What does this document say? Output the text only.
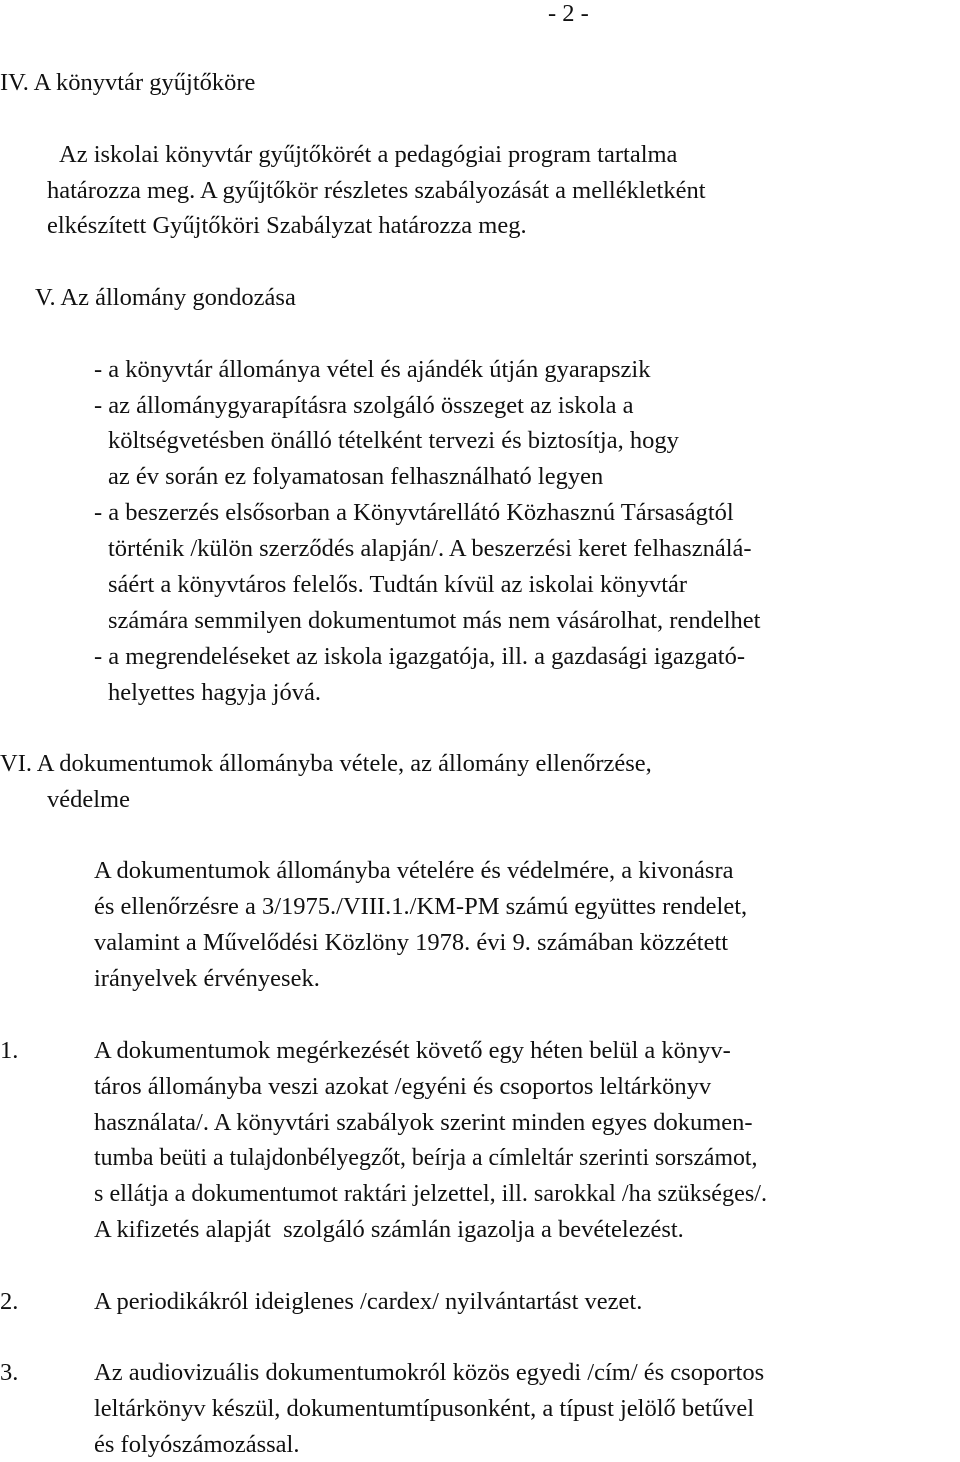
- 2 -
IV. A könyvtár gyűjtőköre
Az iskolai könyvtár gyűjtőkörét a pedagógiai program tartalma
határozza meg. A gyűjtőkör részletes szabályozását a mellékletként
elkészített Gyűjtőköri Szabályzat határozza meg.
V. Az állomány gondozása
- a könyvtár állománya vétel és ajándék útján gyarapszik
- az állománygyarapításra szolgáló összeget az iskola a
költségvetésben önálló tételként tervezi és biztosítja, hogy
az év során ez folyamatosan felhasználható legyen
- a beszerzés elsősorban a Könyvtárellátó Közhasznú Társaságtól
történik /külön szerződés alapján/. A beszerzési keret felhasználá-
sáért a könyvtáros felelős. Tudtán kívül az iskolai könyvtár
számára semmilyen dokumentumot más nem vásárolhat, rendelhet
- a megrendeléseket az iskola igazgatója, ill. a gazdasági igazgató-
helyettes hagyja jóvá.
VI. A dokumentumok állományba vétele, az állomány ellenőrzése,
védelme
A dokumentumok állományba vételére és védelmére, a kivonásra
és ellenőrzésre a 3/1975./VIII.1./KM-PM számú együttes rendelet,
valamint a Művelődési Közlöny 1978. évi 9. számában közzétett
irányelvek érvényesek.
1.	A dokumentumok megérkezését követő egy héten belül a könyv-
táros állományba veszi azokat /egyéni és csoportos leltárkönyv
használata/. A könyvtári szabályok szerint minden egyes dokumen-
tumba beüti a tulajdonbélyegzőt, beírja a címleltár szerinti sorszámot,
s ellátja a dokumentumot raktári jelzettel, ill. sarokkal /ha szükséges/.
A kifizetés alapját  szolgáló számlán igazolja a bevételezést.
2.	A periodikákról ideiglenes /cardex/ nyilvántartást vezet.
3.	Az audiovizuális dokumentumokról közös egyedi /cím/ és csoportos
leltárkönyv készül, dokumentumtípusonként, a típust jelölő betűvel
és folyószámozással.
